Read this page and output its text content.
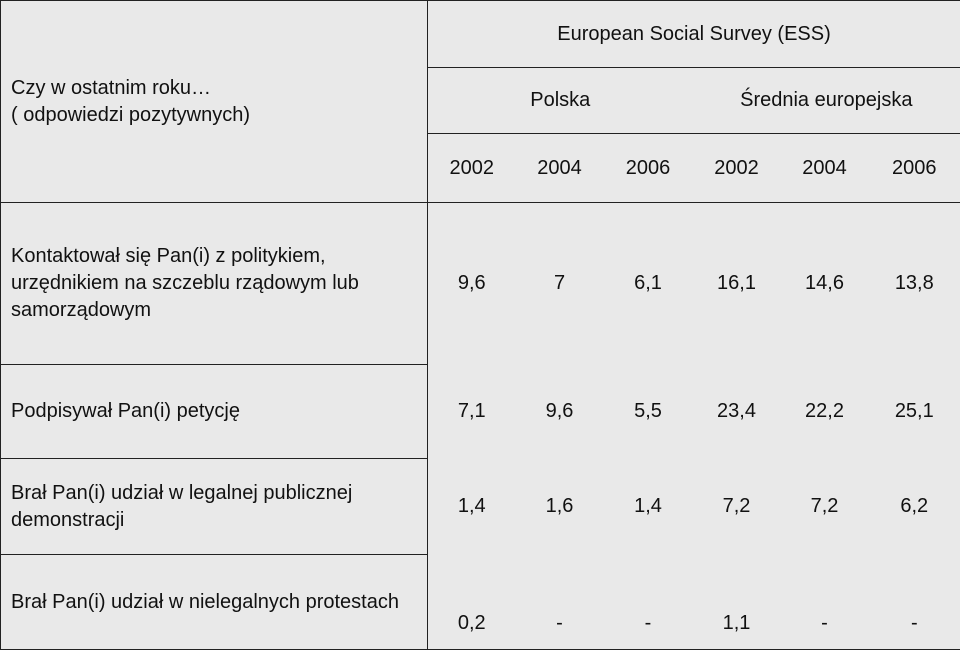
Czy w ostatnim roku…
( odpowiedzi pozytywnych)	European Social Survey (ESS)					
	Polska			Średnia europejska		
	2002	2004	2006	2002	2004	2006
Kontaktował się Pan(i) z politykiem, urzędnikiem na szczeblu rządowym lub samorządowym	9,6	7	6,1	16,1	14,6	13,8
Podpisywał Pan(i) petycję	7,1	9,6	5,5	23,4	22,2	25,1
Brał Pan(i) udział w legalnej publicznej demonstracji	1,4	1,6	1,4	7,2	7,2	6,2
Brał Pan(i) udział w nielegalnych protestach	0,2	-	-	1,1	-	-
